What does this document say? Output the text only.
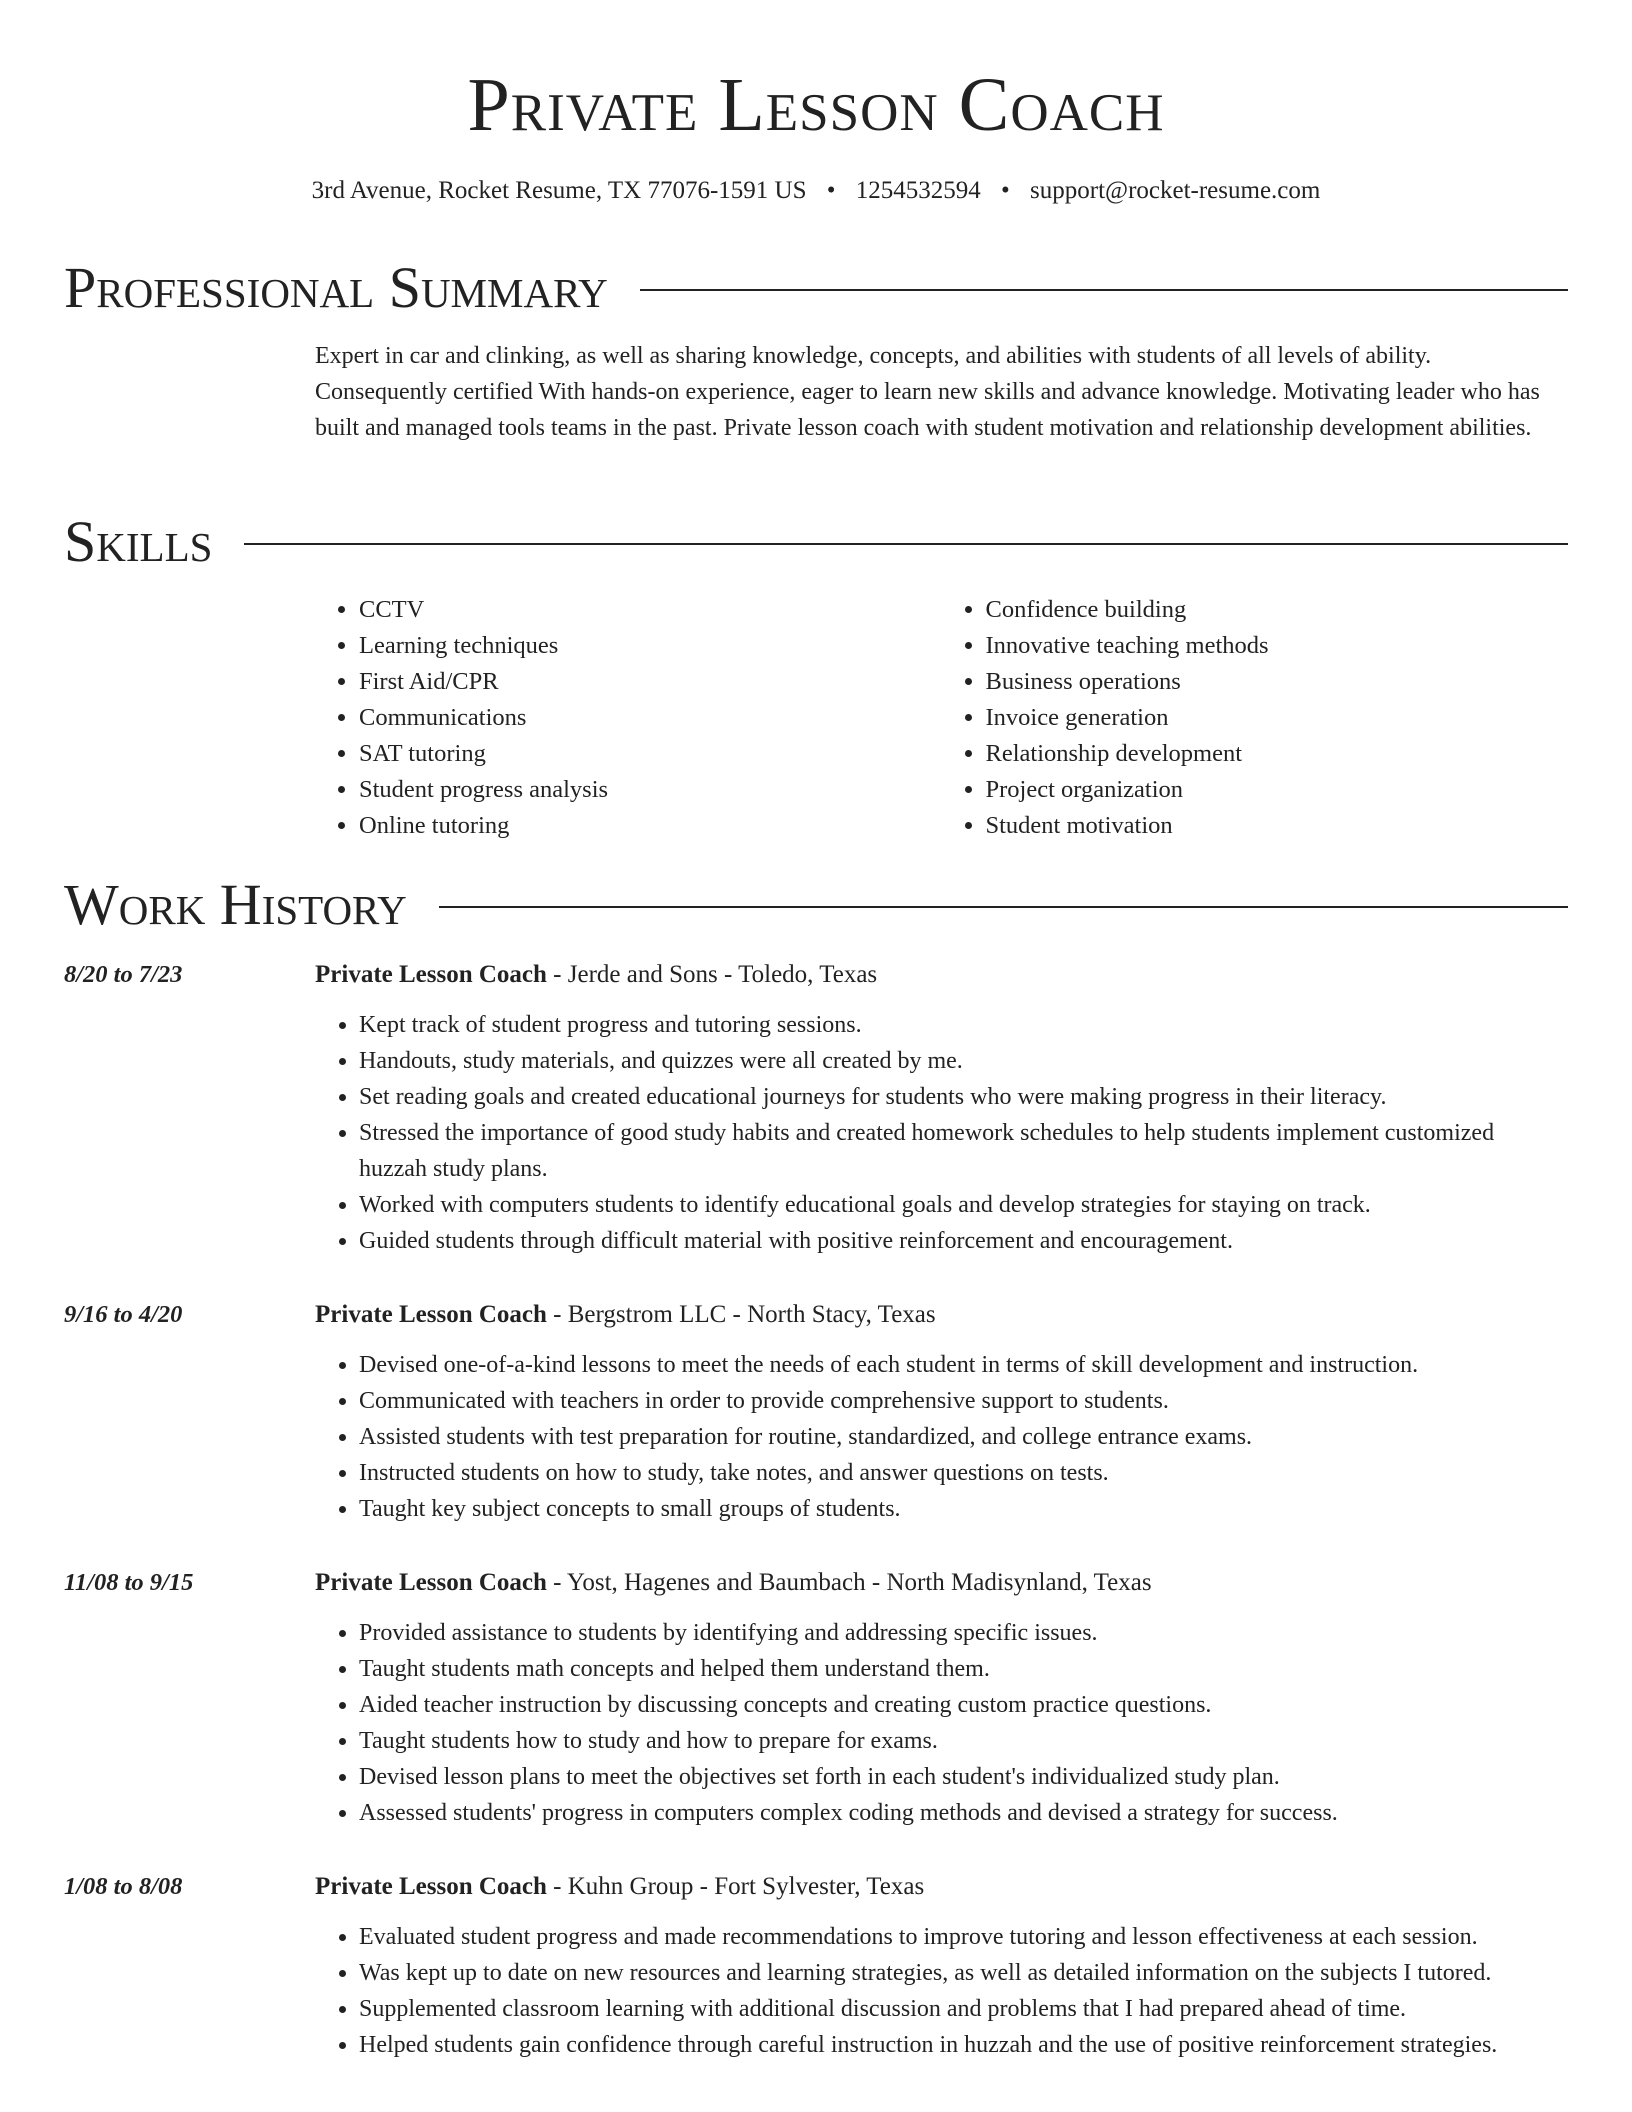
Private Lesson Coach
3rd Avenue, Rocket Resume, TX 77076-1591 US • 1254532594 • support@rocket-resume.com
Professional Summary
Expert in car and clinking, as well as sharing knowledge, concepts, and abilities with students of all levels of ability. Consequently certified With hands-on experience, eager to learn new skills and advance knowledge. Motivating leader who has built and managed tools teams in the past. Private lesson coach with student motivation and relationship development abilities.
Skills
• CCTV
• Learning techniques
• First Aid/CPR
• Communications
• SAT tutoring
• Student progress analysis
• Online tutoring
• Confidence building
• Innovative teaching methods
• Business operations
• Invoice generation
• Relationship development
• Project organization
• Student motivation
Work History
8/20 to 7/23	Private Lesson Coach - Jerde and Sons - Toledo, Texas
• Kept track of student progress and tutoring sessions.
• Handouts, study materials, and quizzes were all created by me.
• Set reading goals and created educational journeys for students who were making progress in their literacy.
• Stressed the importance of good study habits and created homework schedules to help students implement customized huzzah study plans.
• Worked with computers students to identify educational goals and develop strategies for staying on track.
• Guided students through difficult material with positive reinforcement and encouragement.
9/16 to 4/20	Private Lesson Coach - Bergstrom LLC - North Stacy, Texas
• Devised one-of-a-kind lessons to meet the needs of each student in terms of skill development and instruction.
• Communicated with teachers in order to provide comprehensive support to students.
• Assisted students with test preparation for routine, standardized, and college entrance exams.
• Instructed students on how to study, take notes, and answer questions on tests.
• Taught key subject concepts to small groups of students.
11/08 to 9/15	Private Lesson Coach - Yost, Hagenes and Baumbach - North Madisynland, Texas
• Provided assistance to students by identifying and addressing specific issues.
• Taught students math concepts and helped them understand them.
• Aided teacher instruction by discussing concepts and creating custom practice questions.
• Taught students how to study and how to prepare for exams.
• Devised lesson plans to meet the objectives set forth in each student's individualized study plan.
• Assessed students' progress in computers complex coding methods and devised a strategy for success.
1/08 to 8/08	Private Lesson Coach - Kuhn Group - Fort Sylvester, Texas
• Evaluated student progress and made recommendations to improve tutoring and lesson effectiveness at each session.
• Was kept up to date on new resources and learning strategies, as well as detailed information on the subjects I tutored.
• Supplemented classroom learning with additional discussion and problems that I had prepared ahead of time.
• Helped students gain confidence through careful instruction in huzzah and the use of positive reinforcement strategies.
